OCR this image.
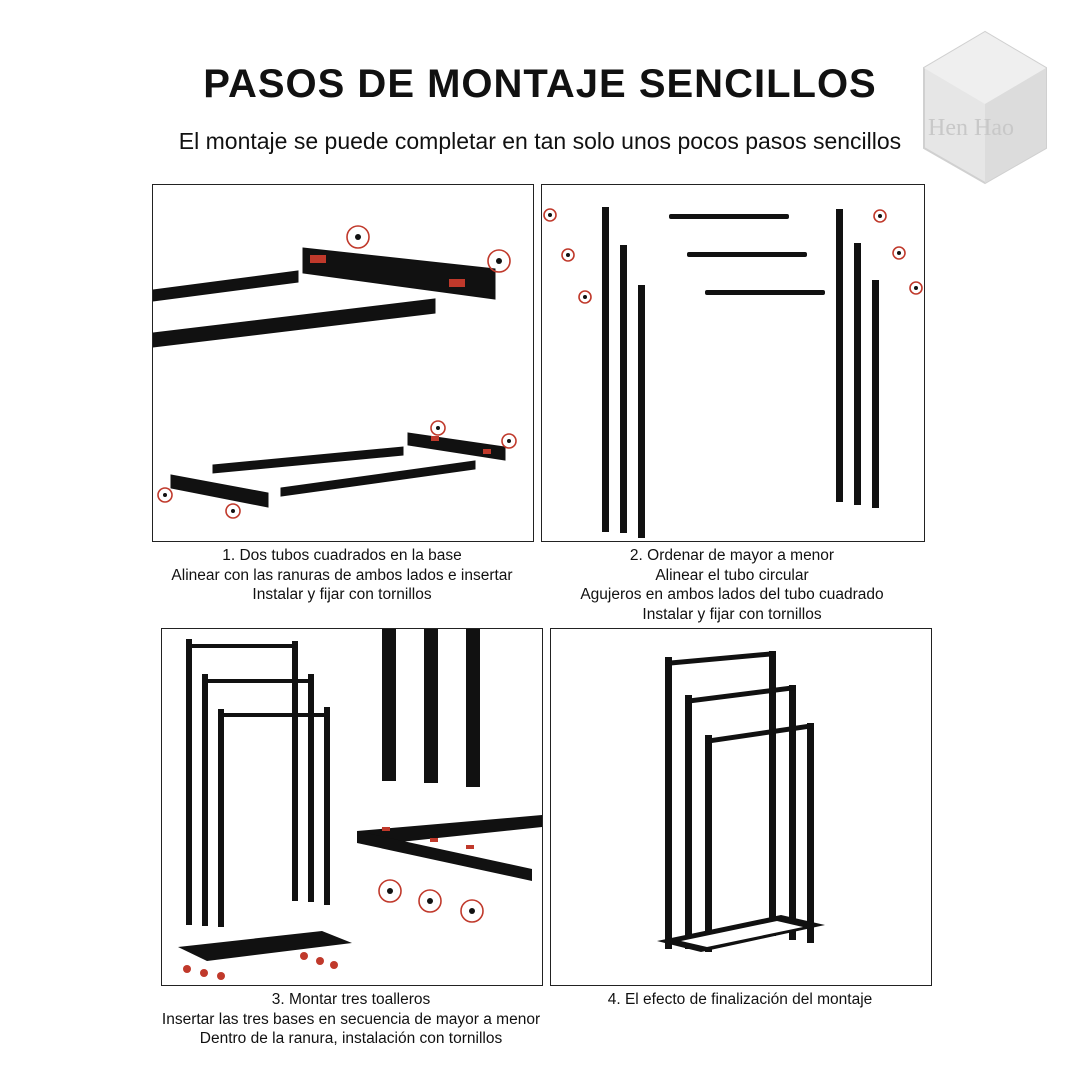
PASOS DE MONTAJE SENCILLOS
El montaje se puede completar en tan solo unos pocos pasos sencillos	Hen Hao
1. Dos tubos cuadrados en la base
Alinear con las ranuras de ambos lados e insertar
Instalar y fijar con tornillos
2. Ordenar de mayor a menor
Alinear el tubo circular
Agujeros en ambos lados del tubo cuadrado
Instalar y fijar con tornillos
3. Montar tres toalleros
Insertar las tres bases en secuencia de mayor a menor
Dentro de la ranura, instalación con tornillos
4. El efecto de finalización del montaje
